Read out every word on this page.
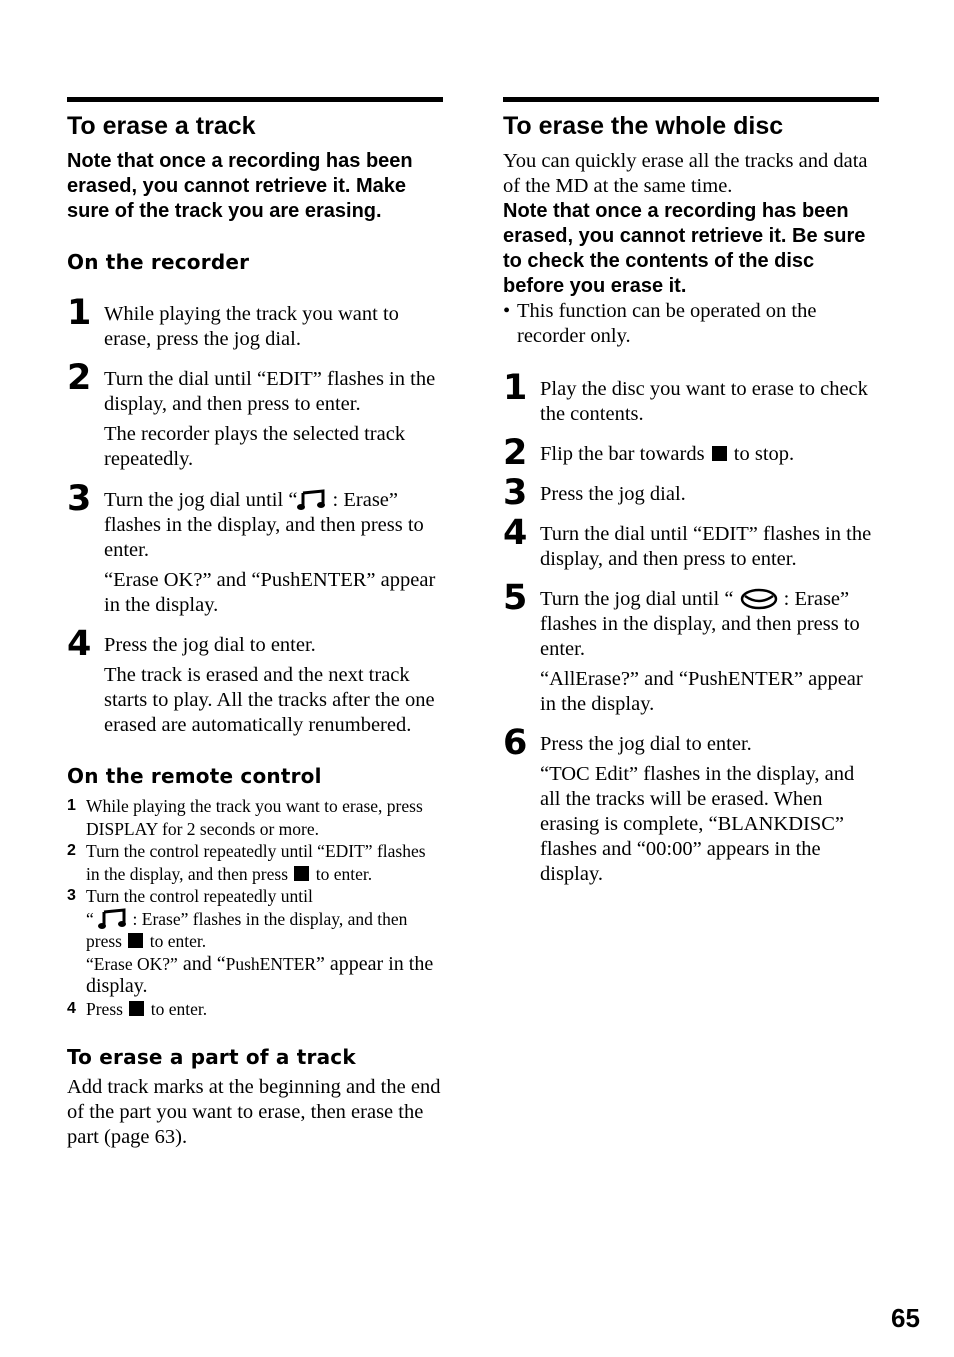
To erase a track
Note that once a recording has been erased, you cannot retrieve it. Make sure of the track you are erasing.
On the recorder
1 While playing the track you want to erase, press the jog dial.
2 Turn the dial until “EDIT” flashes in the display, and then press to enter.
The recorder plays the selected track repeatedly.
3 Turn the jog dial until “ : Erase” flashes in the display, and then press to enter.
“Erase OK?” and “PushENTER” appear in the display.
4 Press the jog dial to enter.
The track is erased and the next track starts to play. All the tracks after the one erased are automatically renumbered.
On the remote control
1 While playing the track you want to erase, press DISPLAY for 2 seconds or more.
2 Turn the control repeatedly until “EDIT” flashes in the display, and then press  to enter.
3 Turn the control repeatedly until
“  : Erase” flashes in the display, and then press  to enter.
“Erase OK?” and “PushENTER” appear in the display.
4 Press  to enter.
To erase a part of a track
Add track marks at the beginning and the end of the part you want to erase, then erase the part (page 63).
To erase the whole disc
You can quickly erase all the tracks and data of the MD at the same time.
Note that once a recording has been erased, you cannot retrieve it. Be sure to check the contents of the disc before you erase it.
• This function can be operated on the recorder only.
1 Play the disc you want to erase to check the contents.
2 Flip the bar towards  to stop.
3 Press the jog dial.
4 Turn the dial until “EDIT” flashes in the display, and then press to enter.
5 Turn the jog dial until “  : Erase” flashes in the display, and then press to enter.
“AllErase?” and “PushENTER” appear in the display.
6 Press the jog dial to enter.
“TOC Edit” flashes in the display, and all the tracks will be erased. When erasing is complete, “BLANKDISC” flashes and “00:00” appears in the display.
65
